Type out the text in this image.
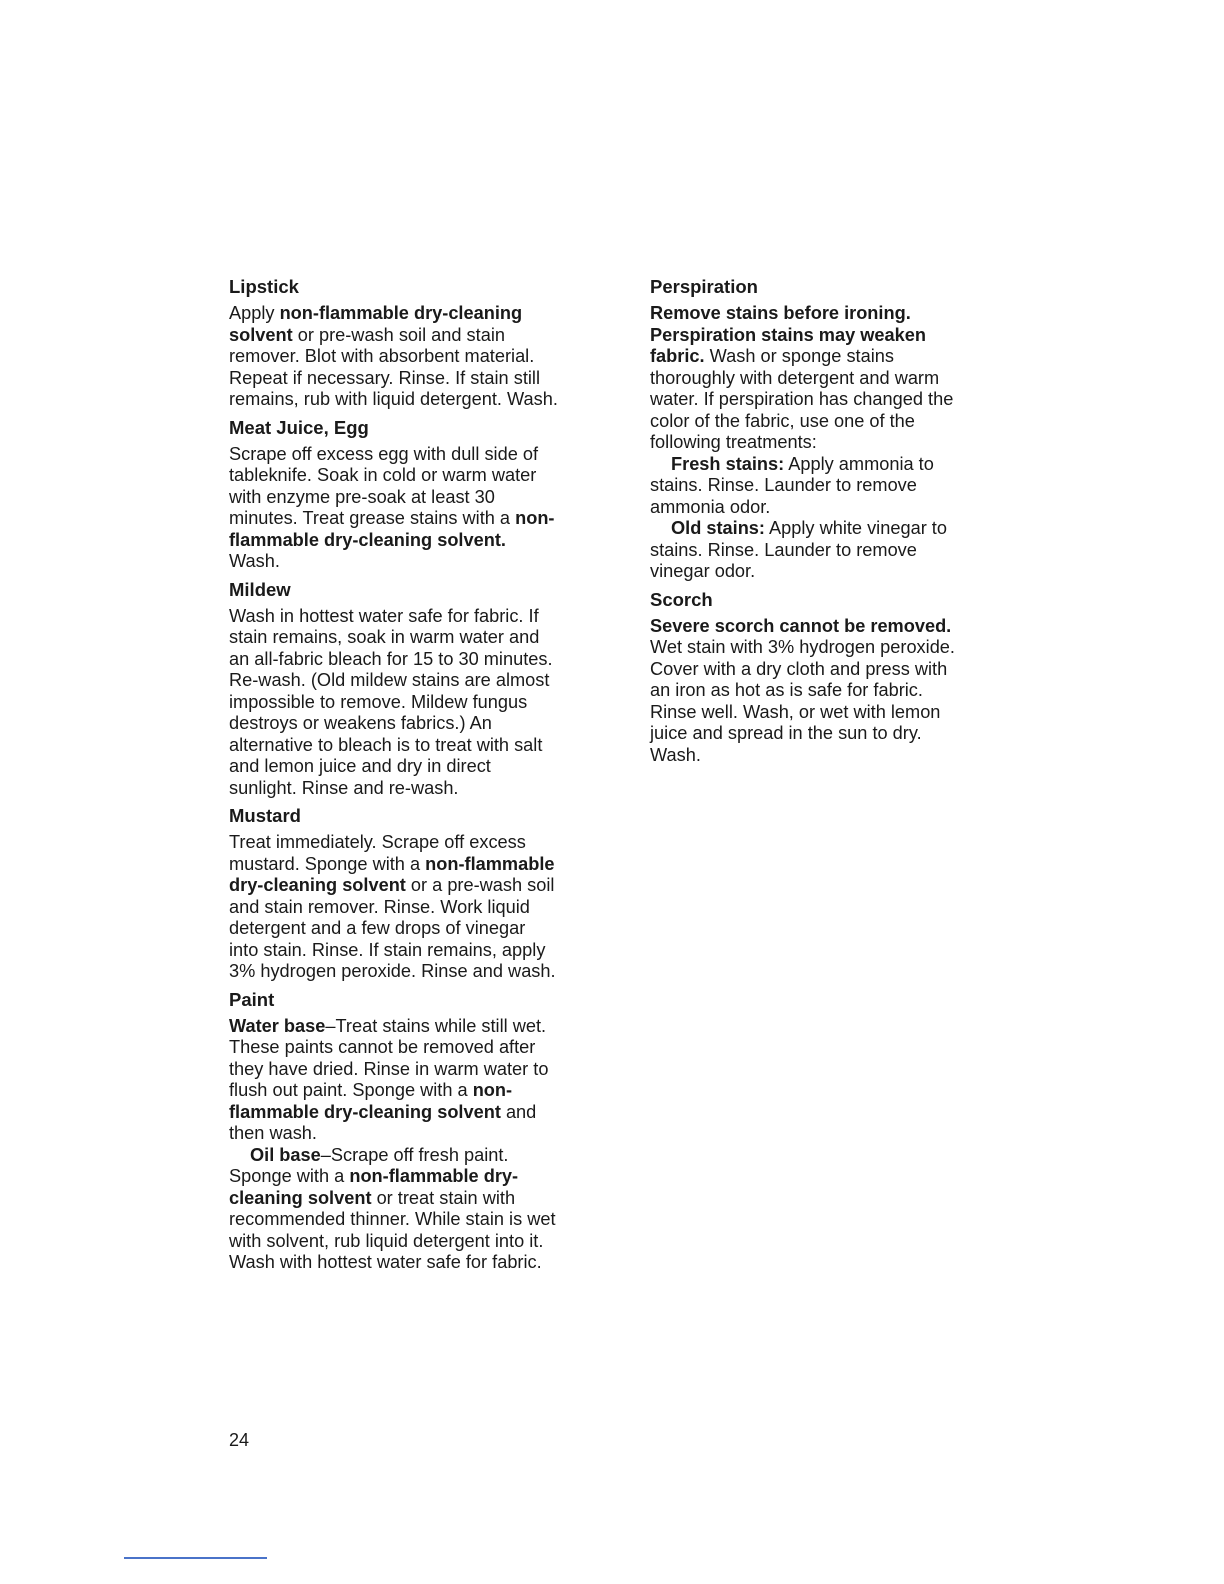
Lipstick

Apply non-flammable dry-cleaning solvent or pre-wash soil and stain remover. Blot with absorbent material. Repeat if necessary. Rinse. If stain still remains, rub with liquid detergent. Wash.

Meat Juice, Egg

Scrape off excess egg with dull side of tableknife. Soak in cold or warm water with enzyme pre-soak at least 30 minutes. Treat grease stains with a non-flammable dry-cleaning solvent. Wash.

Mildew

Wash in hottest water safe for fabric. If stain remains, soak in warm water and an all-fabric bleach for 15 to 30 minutes. Re-wash. (Old mildew stains are almost impossible to remove. Mildew fungus destroys or weakens fabrics.) An alternative to bleach is to treat with salt and lemon juice and dry in direct sunlight. Rinse and re-wash.

Mustard

Treat immediately. Scrape off excess mustard. Sponge with a non-flammable dry-cleaning solvent or a pre-wash soil and stain remover. Rinse. Work liquid detergent and a few drops of vinegar into stain. Rinse. If stain remains, apply 3% hydrogen peroxide. Rinse and wash.

Paint

Water base–Treat stains while still wet. These paints cannot be removed after they have dried. Rinse in warm water to flush out paint. Sponge with a non-flammable dry-cleaning solvent and then wash.

Oil base–Scrape off fresh paint. Sponge with a non-flammable dry-cleaning solvent or treat stain with recommended thinner. While stain is wet with solvent, rub liquid detergent into it. Wash with hottest water safe for fabric.

Perspiration

Remove stains before ironing. Perspiration stains may weaken fabric. Wash or sponge stains thoroughly with detergent and warm water. If perspiration has changed the color of the fabric, use one of the following treatments:

Fresh stains: Apply ammonia to stains. Rinse. Launder to remove ammonia odor.

Old stains: Apply white vinegar to stains. Rinse. Launder to remove vinegar odor.

Scorch

Severe scorch cannot be removed. Wet stain with 3% hydrogen peroxide. Cover with a dry cloth and press with an iron as hot as is safe for fabric. Rinse well. Wash, or wet with lemon juice and spread in the sun to dry. Wash.

24
